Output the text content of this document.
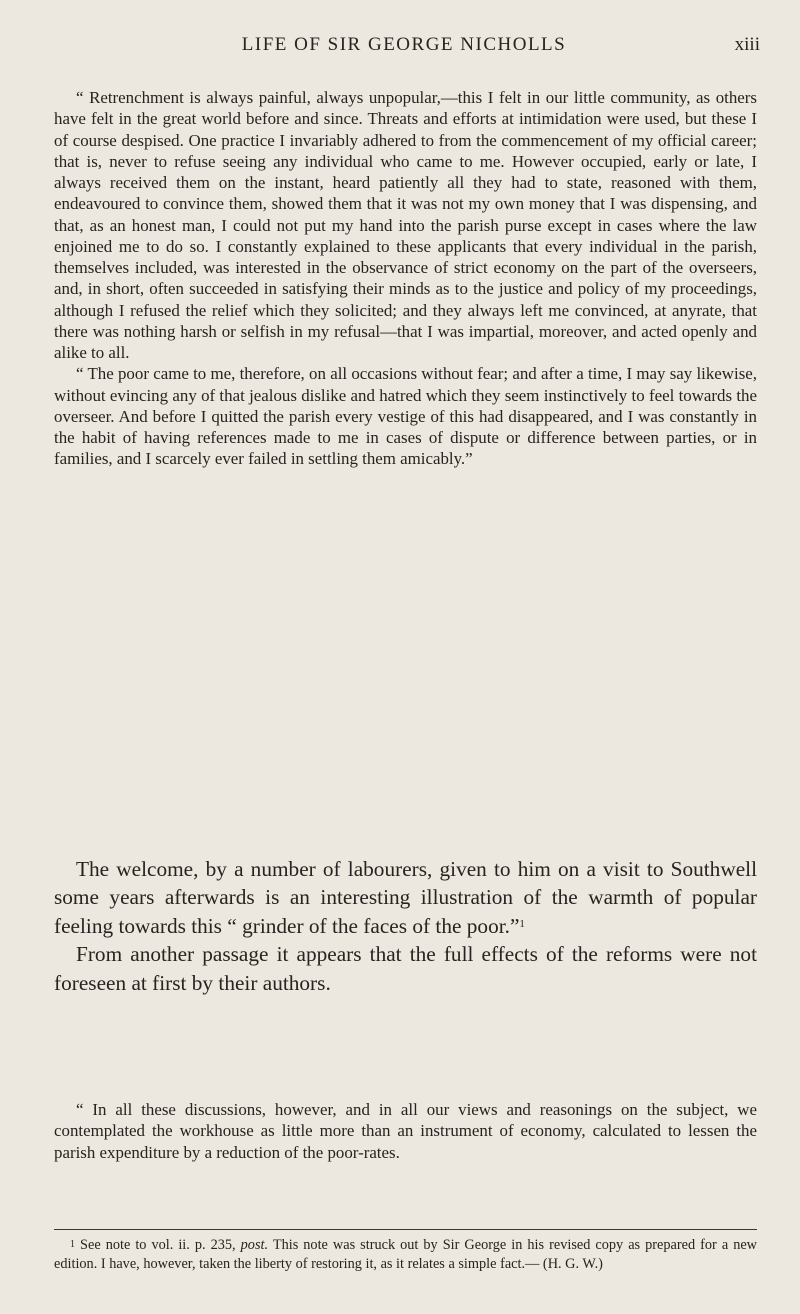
LIFE OF SIR GEORGE NICHOLLS	xiii

“ Retrenchment is always painful, always unpopular,—this I felt in our little community, as others have felt in the great world before and since. Threats and efforts at intimidation were used, but these I of course despised. One practice I invariably adhered to from the commencement of my official career; that is, never to refuse seeing any individual who came to me. However occupied, early or late, I always received them on the instant, heard patiently all they had to state, reasoned with them, endeavoured to convince them, showed them that it was not my own money that I was dispensing, and that, as an honest man, I could not put my hand into the parish purse except in cases where the law enjoined me to do so. I constantly explained to these applicants that every individual in the parish, themselves included, was interested in the observance of strict economy on the part of the overseers, and, in short, often succeeded in satisfying their minds as to the justice and policy of my proceedings, although I refused the relief which they solicited; and they always left me convinced, at anyrate, that there was nothing harsh or selfish in my refusal—that I was impartial, moreover, and acted openly and alike to all.

“ The poor came to me, therefore, on all occasions without fear; and after a time, I may say likewise, without evincing any of that jealous dislike and hatred which they seem instinctively to feel towards the overseer. And before I quitted the parish every vestige of this had disappeared, and I was constantly in the habit of having references made to me in cases of dispute or difference between parties, or in families, and I scarcely ever failed in settling them amicably.”

The welcome, by a number of labourers, given to him on a visit to Southwell some years afterwards is an interesting illustration of the warmth of popular feeling towards this “ grinder of the faces of the poor.”$^1$

From another passage it appears that the full effects of the reforms were not foreseen at first by their authors.

“ In all these discussions, however, and in all our views and reasonings on the subject, we contemplated the workhouse as little more than an instrument of economy, calculated to lessen the parish expenditure by a reduction of the poor-rates.

$^1$ See note to vol. ii. p. 235, post. This note was struck out by Sir George in his revised copy as prepared for a new edition. I have, however, taken the liberty of restoring it, as it relates a simple fact.— (H. G. W.)
